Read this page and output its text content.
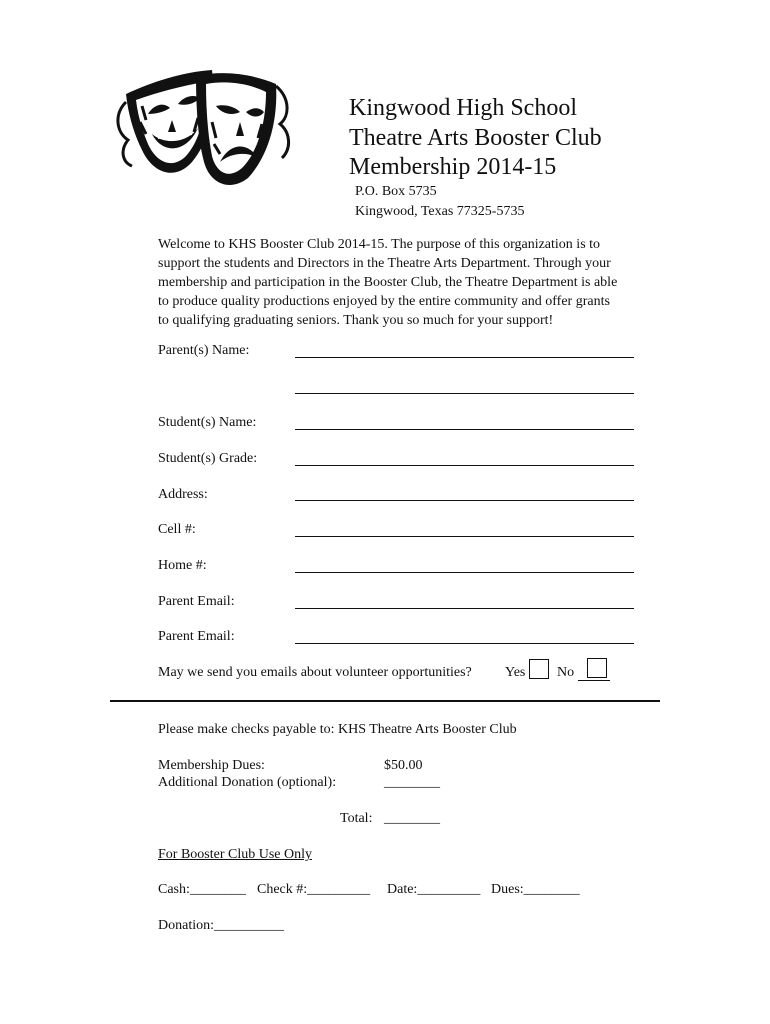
Kingwood High School
Theatre Arts Booster Club
Membership 2014-15
P.O. Box 5735
Kingwood, Texas 77325-5735
Welcome to KHS Booster Club 2014-15. The purpose of this organization is to
support the students and Directors in the Theatre Arts Department. Through your
membership and participation in the Booster Club, the Theatre Department is able
to produce quality productions enjoyed by the entire community and offer grants
to qualifying graduating seniors. Thank you so much for your support!
Parent(s) Name:
Student(s) Name:
Student(s) Grade:
Address:
Cell #:
Home #:
Parent Email:
Parent Email:
May we send you emails about volunteer opportunities? Yes No
Please make checks payable to: KHS Theatre Arts Booster Club
Membership Dues:	$50.00
Additional Donation (optional):	________
Total: ________
For Booster Club Use Only
Cash:________ Check #:_________ Date:_________ Dues:________
Donation:__________
